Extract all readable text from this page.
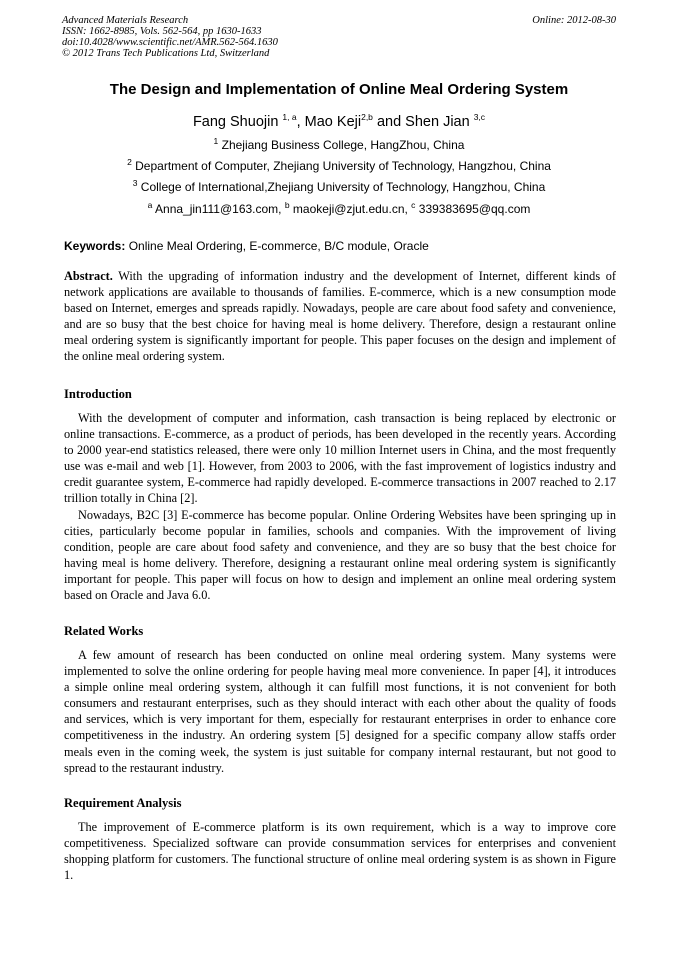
Advanced Materials Research
ISSN: 1662-8985, Vols. 562-564, pp 1630-1633
doi:10.4028/www.scientific.net/AMR.562-564.1630
© 2012 Trans Tech Publications Ltd, Switzerland
Online: 2012-08-30
The Design and Implementation of Online Meal Ordering System
Fang Shuojin $^{1, a}$, Mao Keji$^{2,b}$ and Shen Jian $^{3,c}$
$^1$ Zhejiang Business College, HangZhou, China
$^2$ Department of Computer, Zhejiang University of Technology, Hangzhou, China
$^3$ College of International,Zhejiang University of Technology, Hangzhou, China
$^a$ Anna_jin111@163.com, $^b$ maokeji@zjut.edu.cn, $^c$ 339383695@qq.com
Keywords: Online Meal Ordering, E-commerce, B/C module, Oracle
Abstract. With the upgrading of information industry and the development of Internet, different kinds of network applications are available to thousands of families. E-commerce, which is a new consumption mode based on Internet, emerges and spreads rapidly. Nowadays, people are care about food safety and convenience, and are so busy that the best choice for having meal is home delivery. Therefore, design a restaurant online meal ordering system is significantly important for people. This paper focuses on the design and implement of the online meal ordering system.
Introduction
With the development of computer and information, cash transaction is being replaced by electronic or online transactions. E-commerce, as a product of periods, has been developed in the recently years. According to 2000 year-end statistics released, there were only 10 million Internet users in China, and the most frequently use was e-mail and web [1]. However, from 2003 to 2006, with the fast improvement of logistics industry and credit guarantee system, E-commerce had rapidly developed. E-commerce transactions in 2007 reached to 2.17 trillion totally in China [2].
Nowadays, B2C [3] E-commerce has become popular. Online Ordering Websites have been springing up in cities, particularly become popular in families, schools and companies. With the improvement of living condition, people are care about food safety and convenience, and they are so busy that the best choice for having meal is home delivery. Therefore, designing a restaurant online meal ordering system is significantly important for people. This paper will focus on how to design and implement an online meal ordering system based on Oracle and Java 6.0.
Related Works
A few amount of research has been conducted on online meal ordering system. Many systems were implemented to solve the online ordering for people having meal more convenience. In paper [4], it introduces a simple online meal ordering system, although it can fulfill most functions, it is not convenient for both consumers and restaurant enterprises, such as they should interact with each other about the quality of foods and services, which is very important for them, especially for restaurant enterprises in order to enhance core competitiveness in the industry. An ordering system [5] designed for a specific company allow staffs order meals even in the coming week, the system is just suitable for company internal restaurant, but not good to spread to the restaurant industry.
Requirement Analysis
The improvement of E-commerce platform is its own requirement, which is a way to improve core competitiveness. Specialized software can provide consummation services for enterprises and convenient shopping platform for customers. The functional structure of online meal ordering system is as shown in Figure 1.
